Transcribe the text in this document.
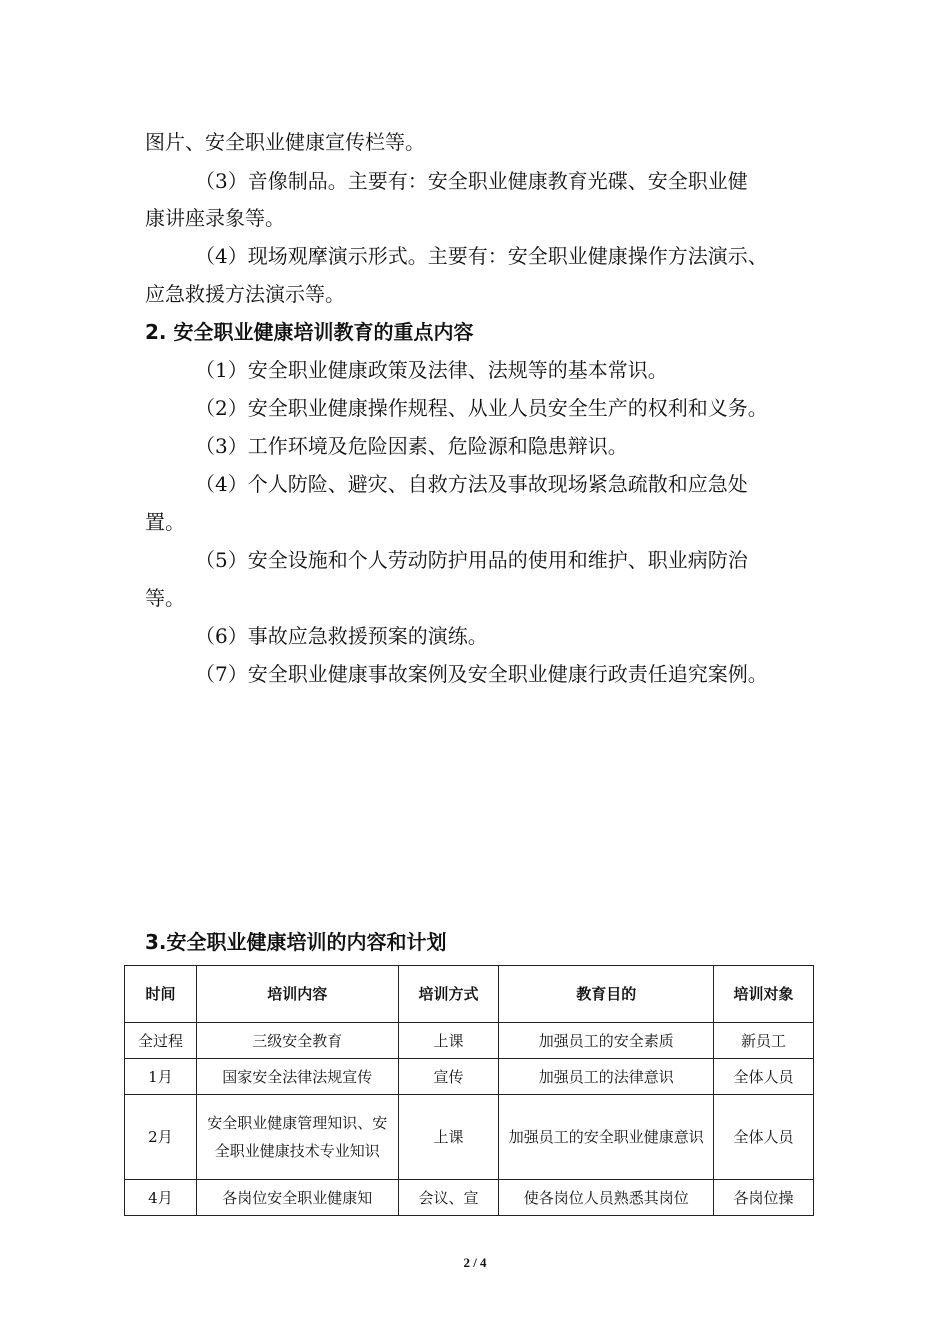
图片、安全职业健康宣传栏等。
（3）音像制品。主要有：安全职业健康教育光碟、安全职业健
康讲座录象等。
（4）现场观摩演示形式。主要有：安全职业健康操作方法演示、
应急救援方法演示等。
2. 安全职业健康培训教育的重点内容
（1）安全职业健康政策及法律、法规等的基本常识。
（2）安全职业健康操作规程、从业人员安全生产的权利和义务。
（3）工作环境及危险因素、危险源和隐患辩识。
（4）个人防险、避灾、自救方法及事故现场紧急疏散和应急处
置。
（5）安全设施和个人劳动防护用品的使用和维护、职业病防治
等。
（6）事故应急救援预案的演练。
（7）安全职业健康事故案例及安全职业健康行政责任追究案例。
3.安全职业健康培训的内容和计划
时间	培训内容	培训方式	教育目的	培训对象
全过程	三级安全教育	上课	加强员工的安全素质	新员工
1月	国家安全法律法规宣传	宣传	加强员工的法律意识	全体人员
2月	安全职业健康管理知识、安全职业健康技术专业知识	上课	加强员工的安全职业健康意识	全体人员
4月	各岗位安全职业健康知	会议、宣	使各岗位人员熟悉其岗位	各岗位操
2 / 4
